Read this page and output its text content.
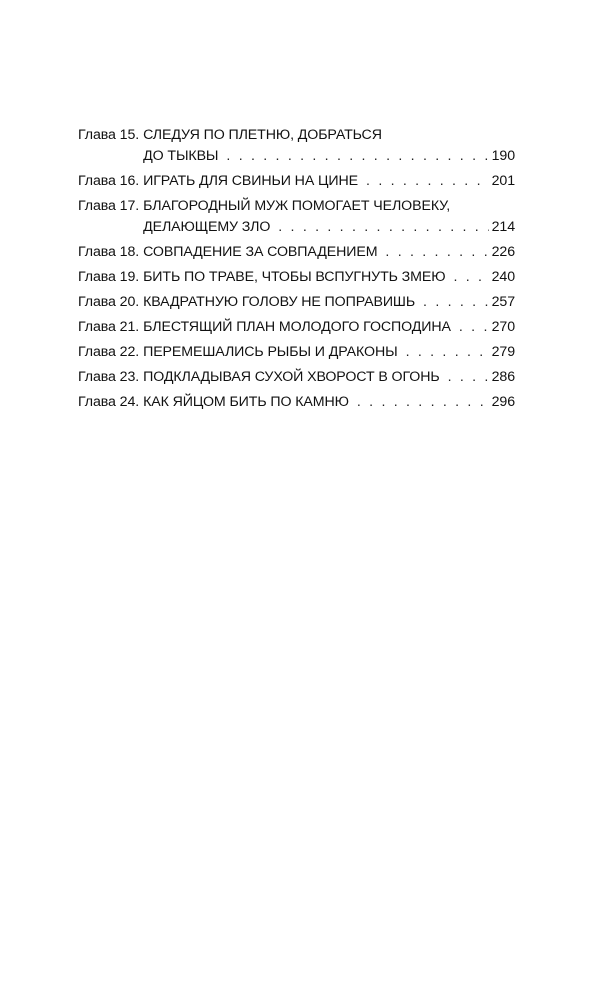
Глава 15. СЛЕДУЯ ПО ПЛЕТНЮ, ДОБРАТЬСЯ
ДО ТЫКВЫ . . .	190
Глава 16. ИГРАТЬ ДЛЯ СВИНЬИ НА ЦИНЕ . . .	201
Глава 17. БЛАГОРОДНЫЙ МУЖ ПОМОГАЕТ ЧЕЛОВЕКУ,
ДЕЛАЮЩЕМУ ЗЛО . . .	214
Глава 18. СОВПАДЕНИЕ ЗА СОВПАДЕНИЕМ . . .	226
Глава 19. БИТЬ ПО ТРАВЕ, ЧТОБЫ ВСПУГНУТЬ ЗМЕЮ . . .	240
Глава 20. КВАДРАТНУЮ ГОЛОВУ НЕ ПОПРАВИШЬ . . .	257
Глава 21. БЛЕСТЯЩИЙ ПЛАН МОЛОДОГО ГОСПОДИНА . . .	270
Глава 22. ПЕРЕМЕШАЛИСЬ РЫБЫ И ДРАКОНЫ . . .	279
Глава 23. ПОДКЛАДЫВАЯ СУХОЙ ХВОРОСТ В ОГОНЬ . . .	286
Глава 24. КАК ЯЙЦОМ БИТЬ ПО КАМНЮ . . .	296
